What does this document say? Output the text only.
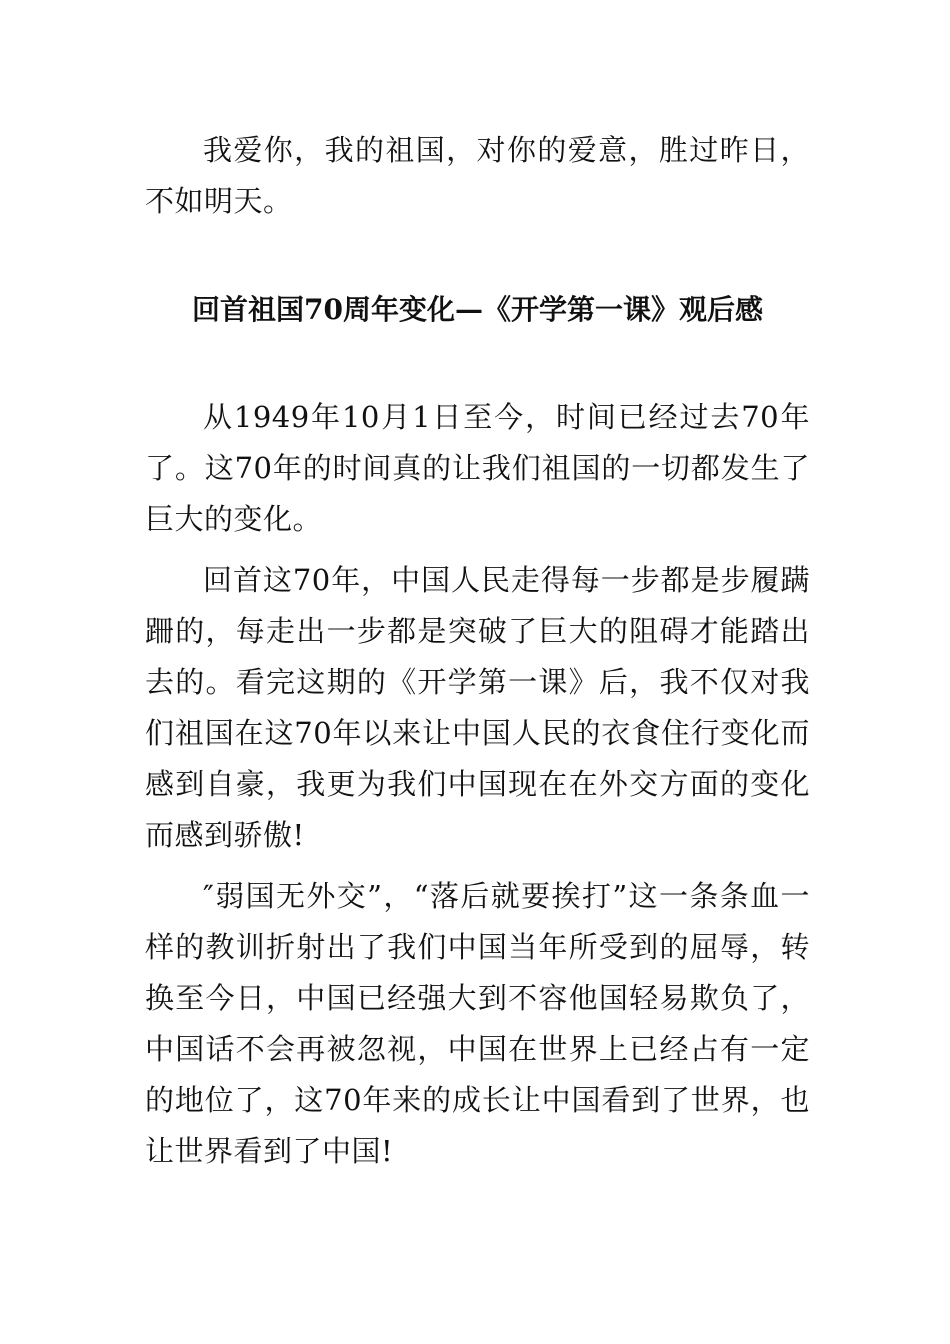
我爱你，我的祖国，对你的爱意，胜过昨日，不如明天。

回首祖国70周年变化—《开学第一课》观后感

从1949年10月1日至今，时间已经过去70年了。这70年的时间真的让我们祖国的一切都发生了巨大的变化。

回首这70年，中国人民走得每一步都是步履蹒跚的，每走出一步都是突破了巨大的阻碍才能踏出去的。看完这期的《开学第一课》后，我不仅对我们祖国在这70年以来让中国人民的衣食住行变化而感到自豪，我更为我们中国现在在外交方面的变化而感到骄傲!

″弱国无外交”，“落后就要挨打”这一条条血一样的教训折射出了我们中国当年所受到的屈辱，转换至今日，中国已经强大到不容他国轻易欺负了，中国话不会再被忽视，中国在世界上已经占有一定的地位了，这70年来的成长让中国看到了世界，也让世界看到了中国!
